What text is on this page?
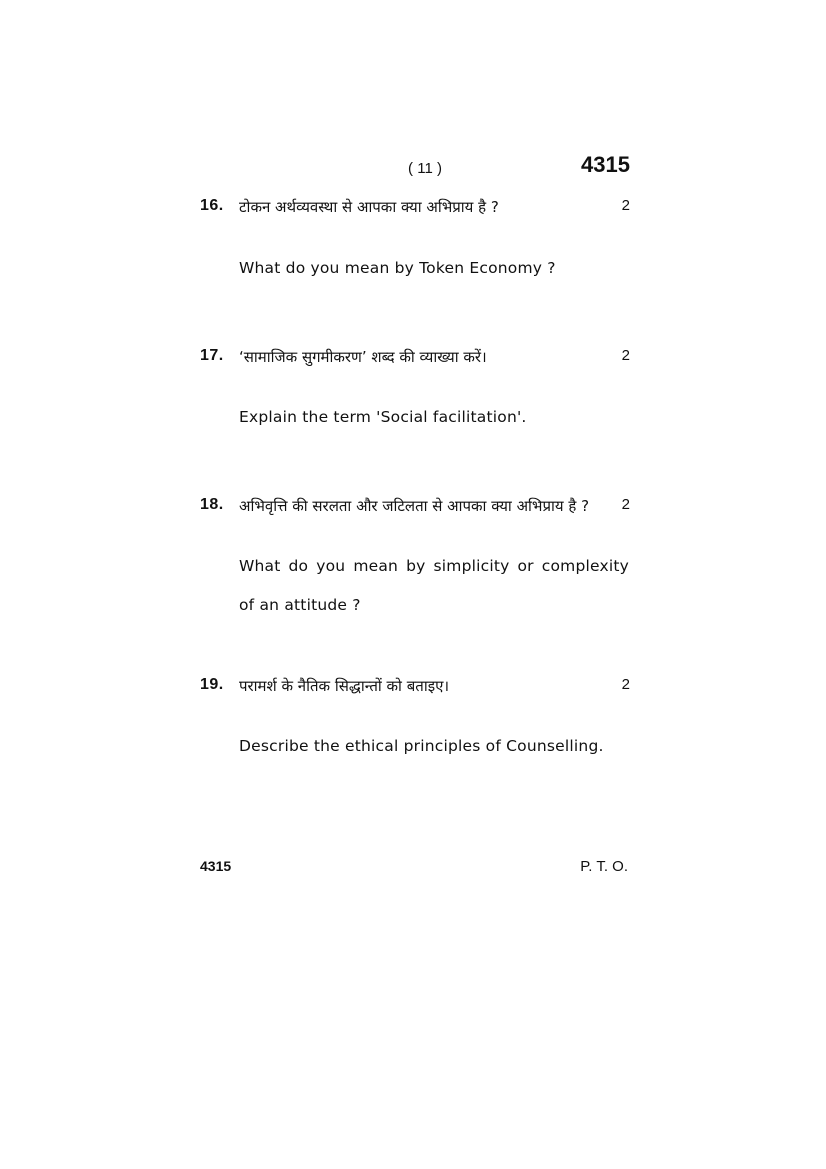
( 11 )	4315
16. टोकन अर्थव्यवस्था से आपका क्या अभिप्राय है ?	2
What do you mean by Token Economy ?
17. ‘सामाजिक सुगमीकरण’ शब्द की व्याख्या करें।	2
Explain the term 'Social facilitation'.
18. अभिवृत्ति की सरलता और जटिलता से आपका क्या अभिप्राय है ? 2
What do you mean by simplicity or complexity of an attitude ?
19. परामर्श के नैतिक सिद्धान्तों को बताइए।	2
Describe the ethical principles of Counselling.
4315	P. T. O.
